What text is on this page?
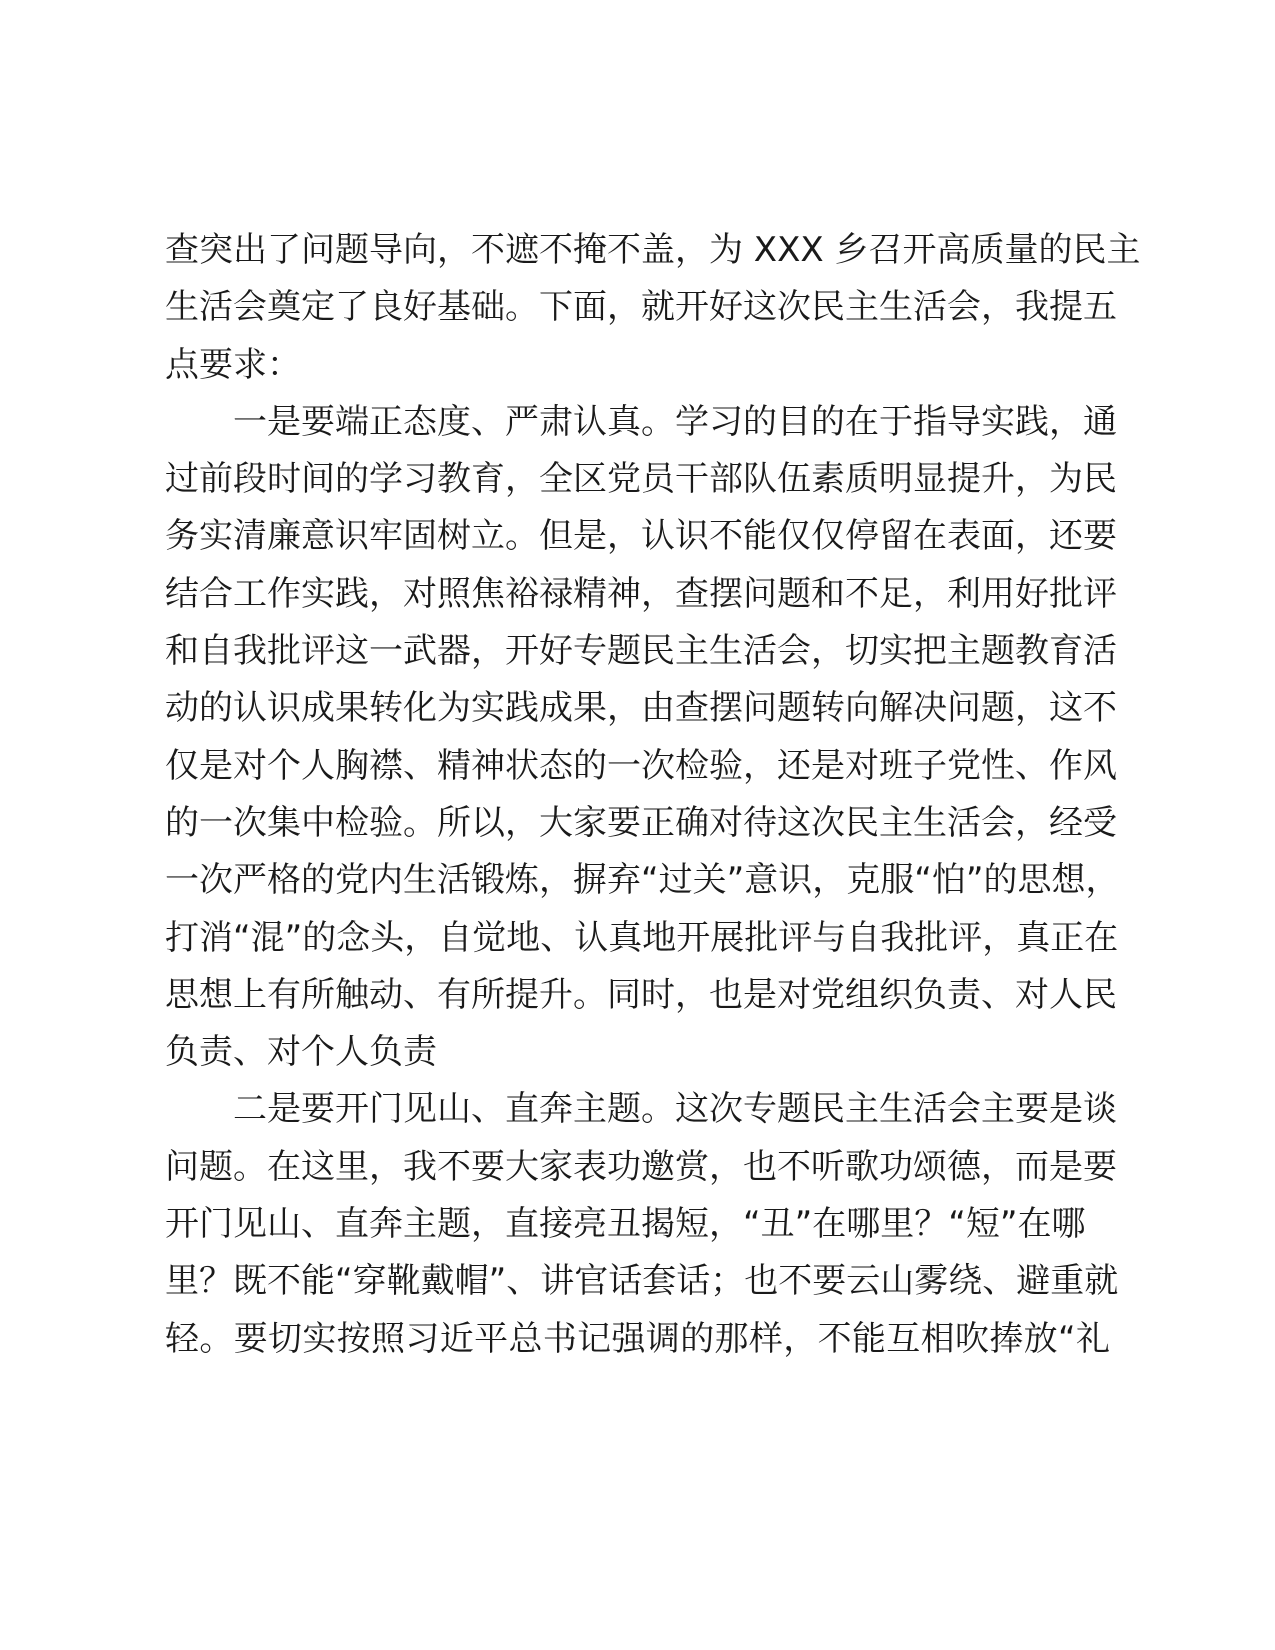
查突出了问题导向，不遮不掩不盖，为 XXX 乡召开高质量的民主
生活会奠定了良好基础。下面，就开好这次民主生活会，我提五
点要求：
一是要端正态度、严肃认真。学习的目的在于指导实践，通
过前段时间的学习教育，全区党员干部队伍素质明显提升，为民
务实清廉意识牢固树立。但是，认识不能仅仅停留在表面，还要
结合工作实践，对照焦裕禄精神，查摆问题和不足，利用好批评
和自我批评这一武器，开好专题民主生活会，切实把主题教育活
动的认识成果转化为实践成果，由查摆问题转向解决问题，这不
仅是对个人胸襟、精神状态的一次检验，还是对班子党性、作风
的一次集中检验。所以，大家要正确对待这次民主生活会，经受
一次严格的党内生活锻炼，摒弃“过关”意识，克服“怕”的思想，
打消“混”的念头，自觉地、认真地开展批评与自我批评，真正在
思想上有所触动、有所提升。同时，也是对党组织负责、对人民
负责、对个人负责
二是要开门见山、直奔主题。这次专题民主生活会主要是谈
问题。在这里，我不要大家表功邀赏，也不听歌功颂德，而是要
开门见山、直奔主题，直接亮丑揭短，“丑”在哪里？“短”在哪
里？既不能“穿靴戴帽”、讲官话套话；也不要云山雾绕、避重就
轻。要切实按照习近平总书记强调的那样，不能互相吹捧放“礼
